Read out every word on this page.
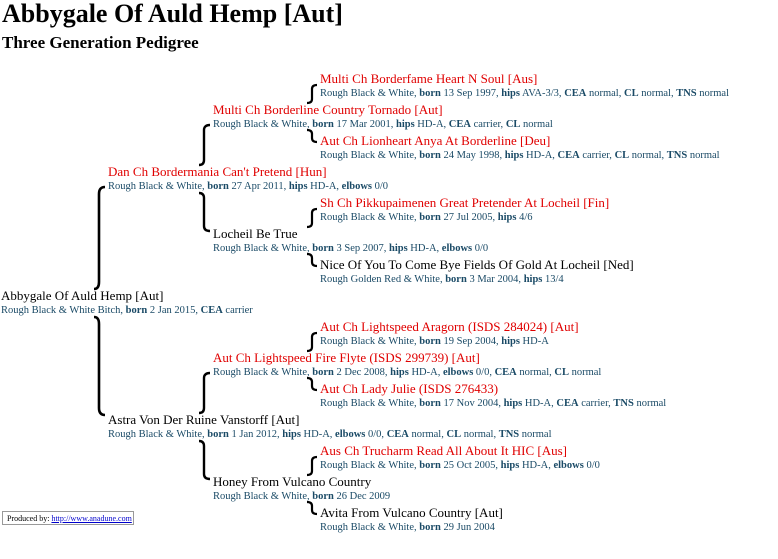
Abbygale Of Auld Hemp [Aut]
Three Generation Pedigree
Abbygale Of Auld Hemp [Aut]
Rough Black & White Bitch, born 2 Jan 2015, CEA carrier
Dan Ch Bordermania Can't Pretend [Hun]
Rough Black & White, born 27 Apr 2011, hips HD-A, elbows 0/0
Astra Von Der Ruine Vanstorff [Aut]
Rough Black & White, born 1 Jan 2012, hips HD-A, elbows 0/0, CEA normal, CL normal, TNS normal
Multi Ch Borderline Country Tornado [Aut]
Rough Black & White, born 17 Mar 2001, hips HD-A, CEA carrier, CL normal
Locheil Be True
Rough Black & White, born 3 Sep 2007, hips HD-A, elbows 0/0
Aut Ch Lightspeed Fire Flyte (ISDS 299739) [Aut]
Rough Black & White, born 2 Dec 2008, hips HD-A, elbows 0/0, CEA normal, CL normal
Honey From Vulcano Country
Rough Black & White, born 26 Dec 2009
Multi Ch Borderfame Heart N Soul [Aus]
Rough Black & White, born 13 Sep 1997, hips AVA-3/3, CEA normal, CL normal, TNS normal
Aut Ch Lionheart Anya At Borderline [Deu]
Rough Black & White, born 24 May 1998, hips HD-A, CEA carrier, CL normal, TNS normal
Sh Ch Pikkupaimenen Great Pretender At Locheil [Fin]
Rough Black & White, born 27 Jul 2005, hips 4/6
Nice Of You To Come Bye Fields Of Gold At Locheil [Ned]
Rough Golden Red & White, born 3 Mar 2004, hips 13/4
Aut Ch Lightspeed Aragorn (ISDS 284024) [Aut]
Rough Black & White, born 19 Sep 2004, hips HD-A
Aut Ch Lady Julie (ISDS 276433)
Rough Black & White, born 17 Nov 2004, hips HD-A, CEA carrier, TNS normal
Aus Ch Trucharm Read All About It HIC [Aus]
Rough Black & White, born 25 Oct 2005, hips HD-A, elbows 0/0
Avita From Vulcano Country [Aut]
Rough Black & White, born 29 Jun 2004
Produced by: http://www.anadune.com
